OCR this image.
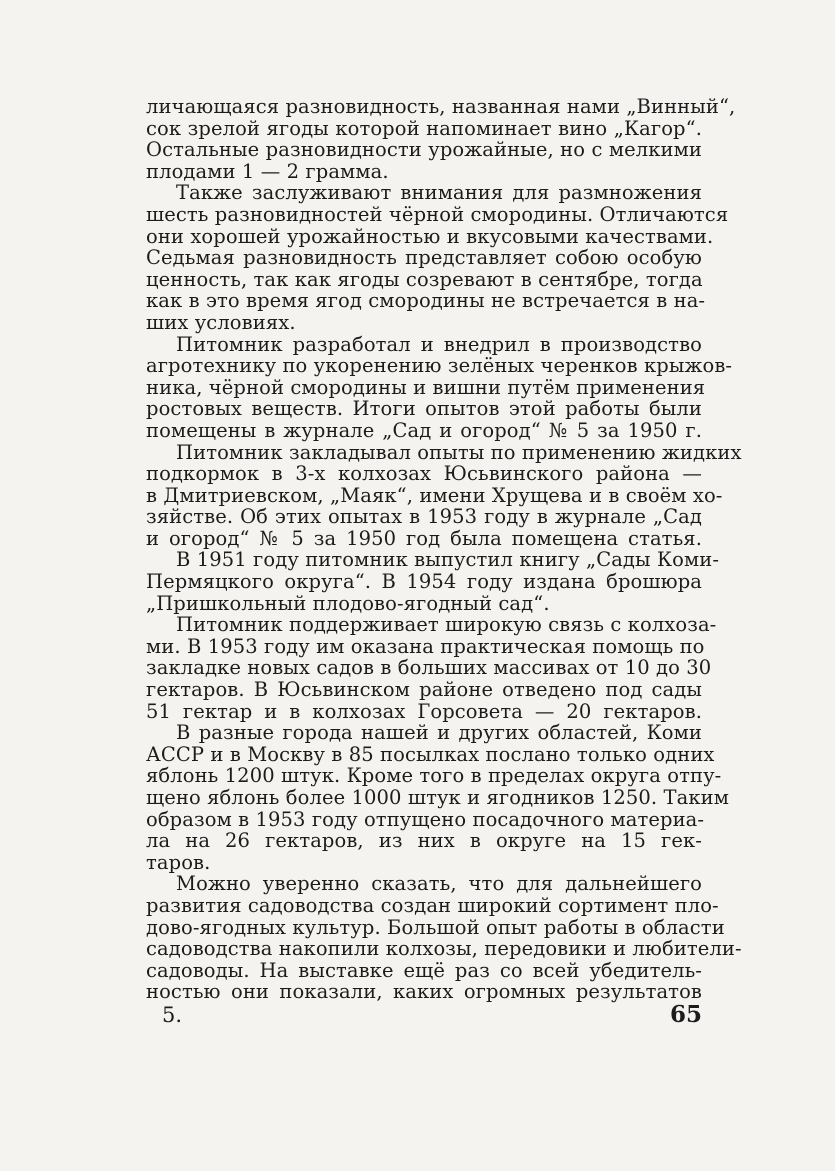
личающаяся разновидность, названная нами „Винный“,
сок зрелой ягоды которой напоминает вино „Кагор“.
Остальные разновидности урожайные, но с мелкими
плодами 1 — 2 грамма.
Также заслуживают внимания для размножения
шесть разновидностей чёрной смородины. Отличаются
они хорошей урожайностью и вкусовыми качествами.
Седьмая разновидность представляет собою особую
ценность, так как ягоды созревают в сентябре, тогда
как в это время ягод смородины не встречается в на-
ших условиях.
Питомник разработал и внедрил в производство
агротехнику по укоренению зелёных черенков крыжов-
ника, чёрной смородины и вишни путём применения
ростовых веществ. Итоги опытов этой работы были
помещены в журнале „Сад и огород“ № 5 за 1950 г.
Питомник закладывал опыты по применению жидких
подкормок в 3-х колхозах Юсьвинского района —
в Дмитриевском, „Маяк“, имени Хрущева и в своём хо-
зяйстве. Об этих опытах в 1953 году в журнале „Сад
и огород“ № 5 за 1950 год была помещена статья.
В 1951 году питомник выпустил книгу „Сады Коми-
Пермяцкого округа“. В 1954 году издана брошюра
„Пришкольный плодово-ягодный сад“.
Питомник поддерживает широкую связь с колхоза-
ми. В 1953 году им оказана практическая помощь по
закладке новых садов в больших массивах от 10 до 30
гектаров. В Юсьвинском районе отведено под сады
51 гектар и в колхозах Горсовета — 20 гектаров.
В разные города нашей и других областей, Коми
АССР и в Москву в 85 посылках послано только одних
яблонь 1200 штук. Кроме того в пределах округа отпу-
щено яблонь более 1000 штук и ягодников 1250. Таким
образом в 1953 году отпущено посадочного материа-
ла на 26 гектаров, из них в округе на 15 гек-
таров.
Можно уверенно сказать, что для дальнейшего
развития садоводства создан широкий сортимент пло-
дово-ягодных культур. Большой опыт работы в области
садоводства накопили колхозы, передовики и любители-
садоводы. На выставке ещё раз со всей убедитель-
ностью они показали, каких огромных результатов
5.	65
